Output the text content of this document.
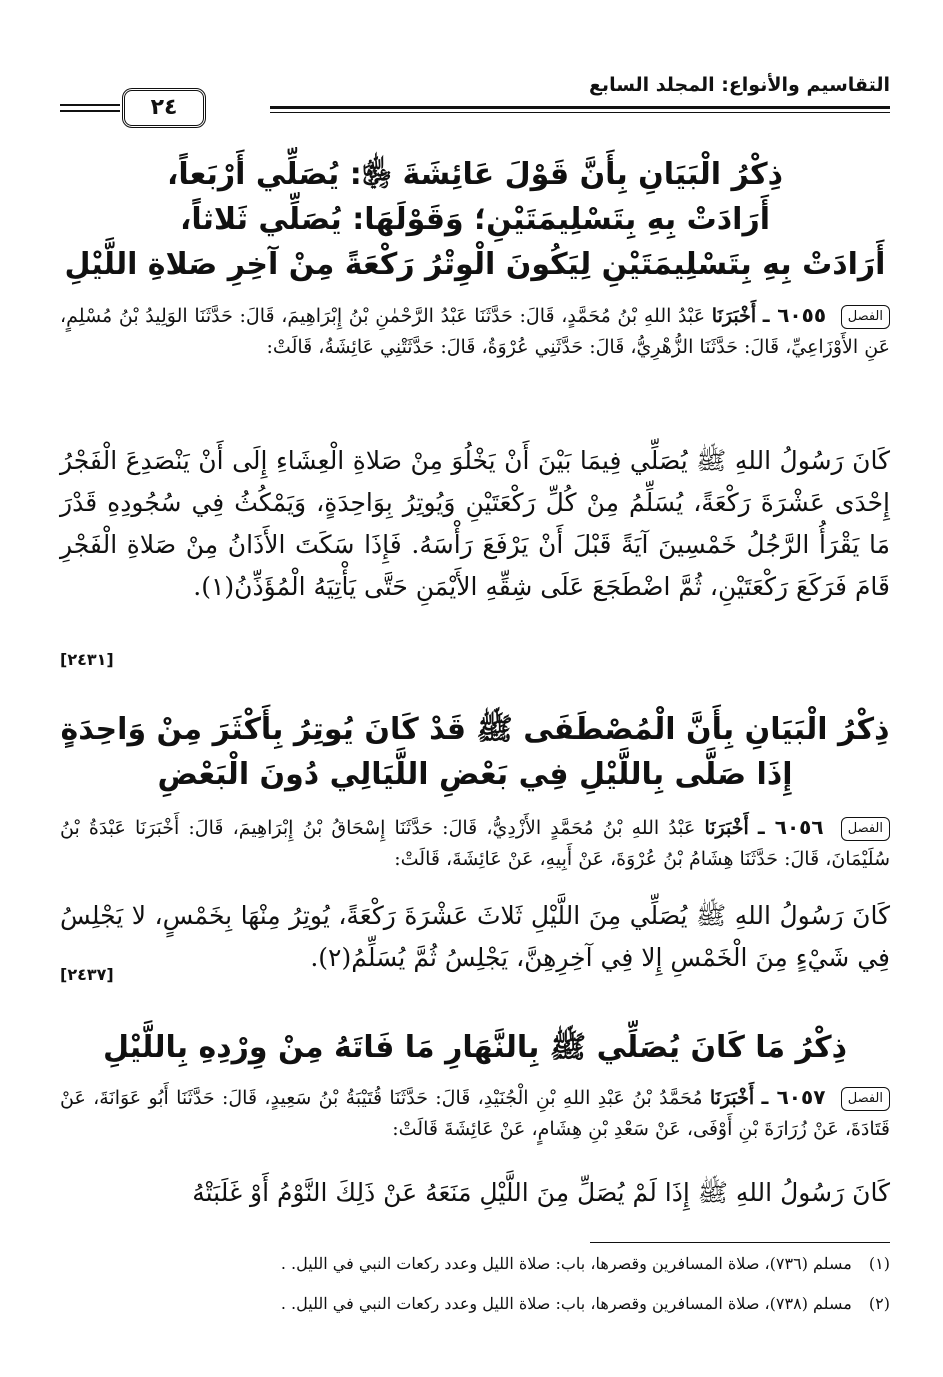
التقاسيم والأنواع: المجلد السابع
٢٤
ذِكْرُ الْبَيَانِ بِأَنَّ قَوْلَ عَائِشَةَ ﵂: يُصَلِّي أَرْبَعاً،
أَرَادَتْ بِهِ بِتَسْلِيمَتَيْنِ؛ وَقَوْلَهَا: يُصَلِّي ثَلاثاً،
أَرَادَتْ بِهِ بِتَسْلِيمَتَيْنِ لِيَكُونَ الْوِتْرُ رَكْعَةً مِنْ آخِرِ صَلاةِ اللَّيْلِ
الفصل ٦٠٥٥ ـ أَخْبَرَنَا عَبْدُ اللهِ بْنُ مُحَمَّدٍ، قَالَ: حَدَّثَنَا عَبْدُ الرَّحْمٰنِ بْنُ إِبْرَاهِيمَ، قَالَ: حَدَّثَنَا الوَلِيدُ بْنُ مُسْلِمٍ، عَنِ الأَوْزَاعِيِّ، قَالَ: حَدَّثَنَا الزُّهْرِيُّ، قَالَ: حَدَّثَنِي عُرْوَةُ، قَالَ: حَدَّثَتْنِي عَائِشَةُ، قَالَتْ:
كَانَ رَسُولُ اللهِ ﷺ يُصَلِّي فِيمَا بَيْنَ أَنْ يَخْلُوَ مِنْ صَلاةِ الْعِشَاءِ إِلَى أَنْ يَنْصَدِعَ الْفَجْرُ إِحْدَى عَشْرَةَ رَكْعَةً، يُسَلِّمُ مِنْ كُلِّ رَكْعَتَيْنِ وَيُوتِرُ بِوَاحِدَةٍ، وَيَمْكُثُ فِي سُجُودِهِ قَدْرَ مَا يَقْرَأُ الرَّجُلُ خَمْسِينَ آيَةً قَبْلَ أَنْ يَرْفَعَ رَأْسَهُ. فَإِذَا سَكَتَ الأَذَانُ مِنْ صَلاةِ الْفَجْرِ قَامَ فَرَكَعَ رَكْعَتَيْنِ، ثُمَّ اضْطَجَعَ عَلَى شِقِّهِ الأَيْمَنِ حَتَّى يَأْتِيَهُ الْمُؤَذِّنُ(١).
[٢٤٣١]
ذِكْرُ الْبَيَانِ بِأَنَّ الْمُصْطَفَى ﷺ قَدْ كَانَ يُوتِرُ بِأَكْثَرَ مِنْ وَاحِدَةٍ
إِذَا صَلَّى بِاللَّيْلِ فِي بَعْضِ اللَّيَالِي دُونَ الْبَعْضِ
الفصل ٦٠٥٦ ـ أَخْبَرَنَا عَبْدُ اللهِ بْنُ مُحَمَّدٍ الأَزْدِيُّ، قَالَ: حَدَّثَنَا إِسْحَاقُ بْنُ إِبْرَاهِيمَ، قَالَ: أَخْبَرَنَا عَبْدَةُ بْنُ سُلَيْمَانَ، قَالَ: حَدَّثَنَا هِشَامُ بْنُ عُرْوَةَ، عَنْ أَبِيهِ، عَنْ عَائِشَةَ، قَالَتْ:
كَانَ رَسُولُ اللهِ ﷺ يُصَلِّي مِنَ اللَّيْلِ ثَلاثَ عَشْرَةَ رَكْعَةً، يُوتِرُ مِنْهَا بِخَمْسٍ، لا يَجْلِسُ فِي شَيْءٍ مِنَ الْخَمْسِ إِلا فِي آخِرِهِنَّ، يَجْلِسُ ثُمَّ يُسَلِّمُ(٢).
[٢٤٣٧]
ذِكْرُ مَا كَانَ يُصَلِّي ﷺ بِالنَّهَارِ مَا فَاتَهُ مِنْ وِرْدِهِ بِاللَّيْلِ
الفصل ٦٠٥٧ ـ أَخْبَرَنَا مُحَمَّدُ بْنُ عَبْدِ اللهِ بْنِ الْجُنَيْدِ، قَالَ: حَدَّثَنَا قُتَيْبَةُ بْنُ سَعِيدٍ، قَالَ: حَدَّثَنَا أَبُو عَوَانَةَ، عَنْ قَتَادَةَ، عَنْ زُرَارَةَ بْنِ أَوْفَى، عَنْ سَعْدِ بْنِ هِشَامٍ، عَنْ عَائِشَةَ قَالَتْ:
كَانَ رَسُولُ اللهِ ﷺ إِذَا لَمْ يُصَلِّ مِنَ اللَّيْلِ مَنَعَهُ عَنْ ذَلِكَ النَّوْمُ أَوْ غَلَبَتْهُ
(١) مسلم (٧٣٦)، صلاة المسافرين وقصرها، باب: صلاة الليل وعدد ركعات النبي في الليل. .
(٢) مسلم (٧٣٨)، صلاة المسافرين وقصرها، باب: صلاة الليل وعدد ركعات النبي في الليل. .
